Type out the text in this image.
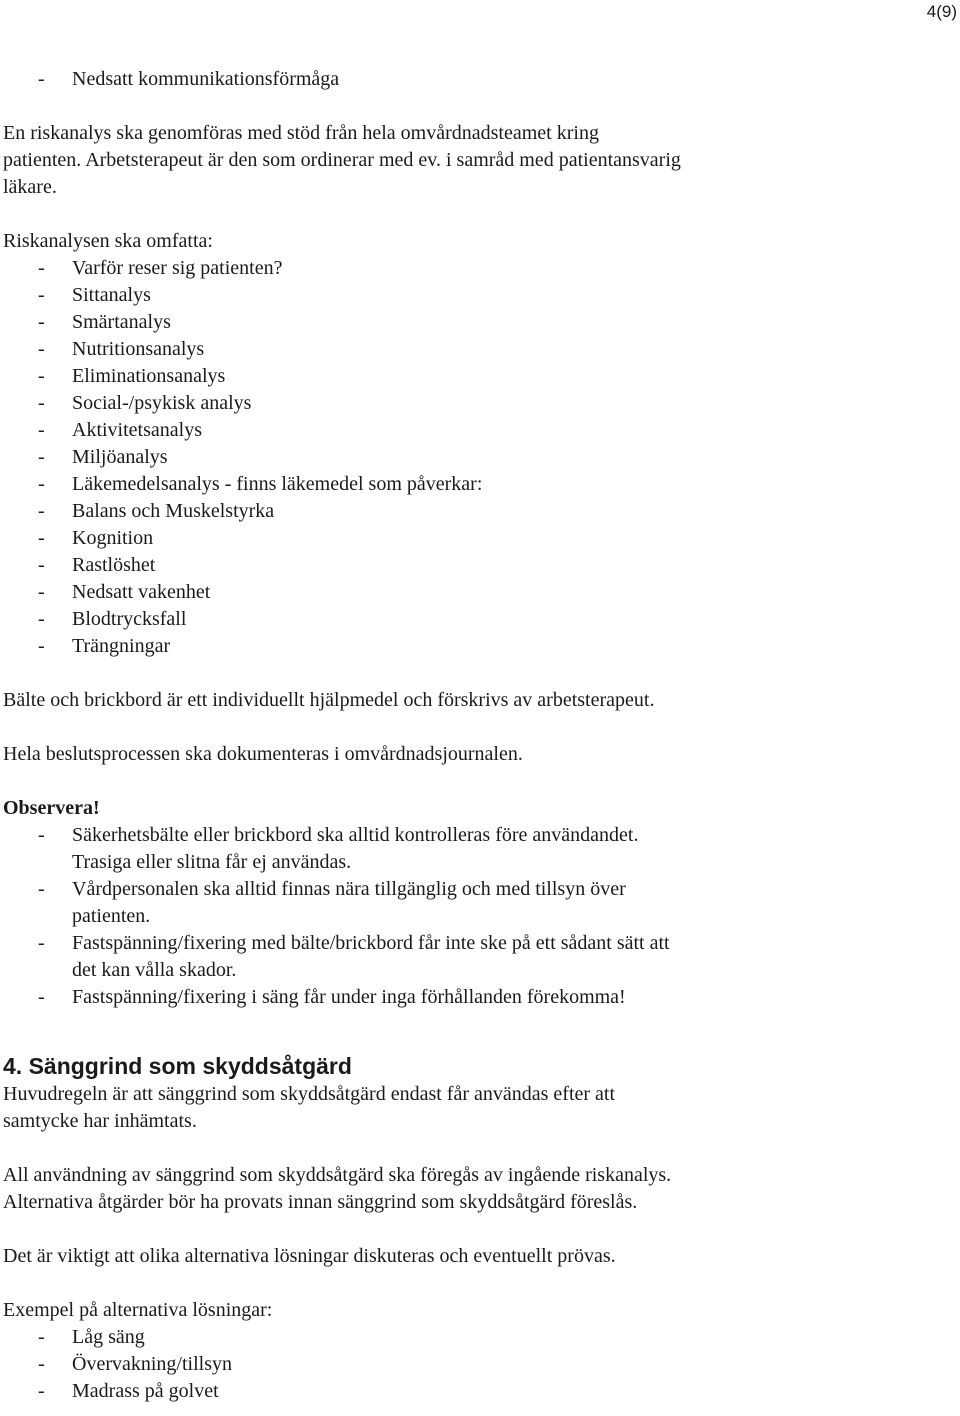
4(9)
- Nedsatt kommunikationsförmåga
En riskanalys ska genomföras med stöd från hela omvårdnadsteamet kring
patienten. Arbetsterapeut är den som ordinerar med ev. i samråd med patientansvarig
läkare.

Riskanalysen ska omfatta:

- Varför reser sig patienten?
- Sittanalys
- Smärtanalys
- Nutritionsanalys
- Eliminationsanalys
- Social-/psykisk analys
- Aktivitetsanalys
- Miljöanalys
- Läkemedelsanalys - finns läkemedel som påverkar:
- Balans och Muskelstyrka
- Kognition
- Rastlöshet
- Nedsatt vakenhet
- Blodtrycksfall
- Trängningar

Bälte och brickbord är ett individuellt hjälpmedel och förskrivs av arbetsterapeut.

Hela beslutsprocessen ska dokumenteras i omvårdnadsjournalen.

Observera!

- Säkerhetsbälte eller brickbord ska alltid kontrolleras före användandet.
Trasiga eller slitna får ej användas.
- Vårdpersonalen ska alltid finnas nära tillgänglig och med tillsyn över
patienten.
- Fastspänning/fixering med bälte/brickbord får inte ske på ett sådant sätt att
det kan vålla skador.
- Fastspänning/fixering i säng får under inga förhållanden förekomma!
4. Sänggrind som skyddsåtgärd
Huvudregeln är att sänggrind som skyddsåtgärd endast får användas efter att
samtycke har inhämtats.
All användning av sänggrind som skyddsåtgärd ska föregås av ingående riskanalys.
Alternativa åtgärder bör ha provats innan sänggrind som skyddsåtgärd föreslås.

Det är viktigt att olika alternativa lösningar diskuteras och eventuellt prövas.

Exempel på alternativa lösningar:

- Låg säng
- Övervakning/tillsyn
- Madrass på golvet
